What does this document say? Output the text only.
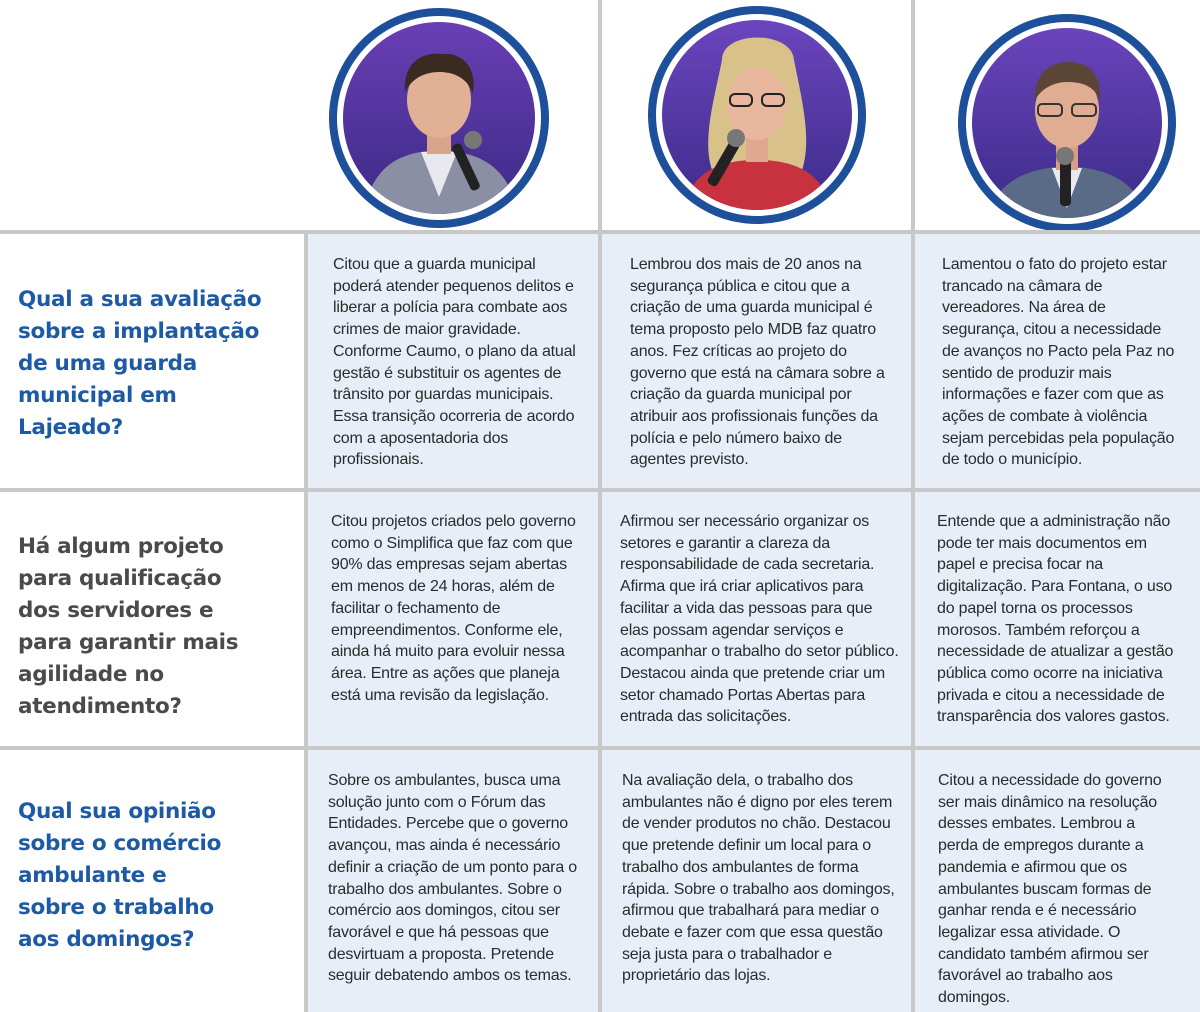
Qual a sua avaliação sobre a implantação de uma guarda municipal em Lajeado?

Citou que a guarda municipal poderá atender pequenos delitos e liberar a polícia para combate aos crimes de maior gravidade. Conforme Caumo, o plano da atual gestão é substituir os agentes de trânsito por guardas municipais. Essa transição ocorreria de acordo com a aposentadoria dos profissionais.

Lembrou dos mais de 20 anos na segurança pública e citou que a criação de uma guarda municipal é tema proposto pelo MDB faz quatro anos. Fez críticas ao projeto do governo que está na câmara sobre a criação da guarda municipal por atribuir aos profissionais funções da polícia e pelo número baixo de agentes previsto.

Lamentou o fato do projeto estar trancado na câmara de vereadores. Na área de segurança, citou a necessidade de avanços no Pacto pela Paz no sentido de produzir mais informações e fazer com que as ações de combate à violência sejam percebidas pela população de todo o município.

Há algum projeto para qualificação dos servidores e para garantir mais agilidade no atendimento?

Citou projetos criados pelo governo como o Simplifica que faz com que 90% das empresas sejam abertas em menos de 24 horas, além de facilitar o fechamento de empreendimentos. Conforme ele, ainda há muito para evoluir nessa área. Entre as ações que planeja está uma revisão da legislação.

Afirmou ser necessário organizar os setores e garantir a clareza da responsabilidade de cada secretaria. Afirma que irá criar aplicativos para facilitar a vida das pessoas para que elas possam agendar serviços e acompanhar o trabalho do setor público. Destacou ainda que pretende criar um setor chamado Portas Abertas para entrada das solicitações.

Entende que a administração não pode ter mais documentos em papel e precisa focar na digitalização. Para Fontana, o uso do papel torna os processos morosos. Também reforçou a necessidade de atualizar a gestão pública como ocorre na iniciativa privada e citou a necessidade de transparência dos valores gastos.

Qual sua opinião sobre o comércio ambulante e sobre o trabalho aos domingos?

Sobre os ambulantes, busca uma solução junto com o Fórum das Entidades. Percebe que o governo avançou, mas ainda é necessário definir a criação de um ponto para o trabalho dos ambulantes. Sobre o comércio aos domingos, citou ser favorável e que há pessoas que desvirtuam a proposta. Pretende seguir debatendo ambos os temas.

Na avaliação dela, o trabalho dos ambulantes não é digno por eles terem de vender produtos no chão. Destacou que pretende definir um local para o trabalho dos ambulantes de forma rápida. Sobre o trabalho aos domingos, afirmou que trabalhará para mediar o debate e fazer com que essa questão seja justa para o trabalhador e proprietário das lojas.

Citou a necessidade do governo ser mais dinâmico na resolução desses embates. Lembrou a perda de empregos durante a pandemia e afirmou que os ambulantes buscam formas de ganhar renda e é necessário legalizar essa atividade. O candidato também afirmou ser favorável ao trabalho aos domingos.
